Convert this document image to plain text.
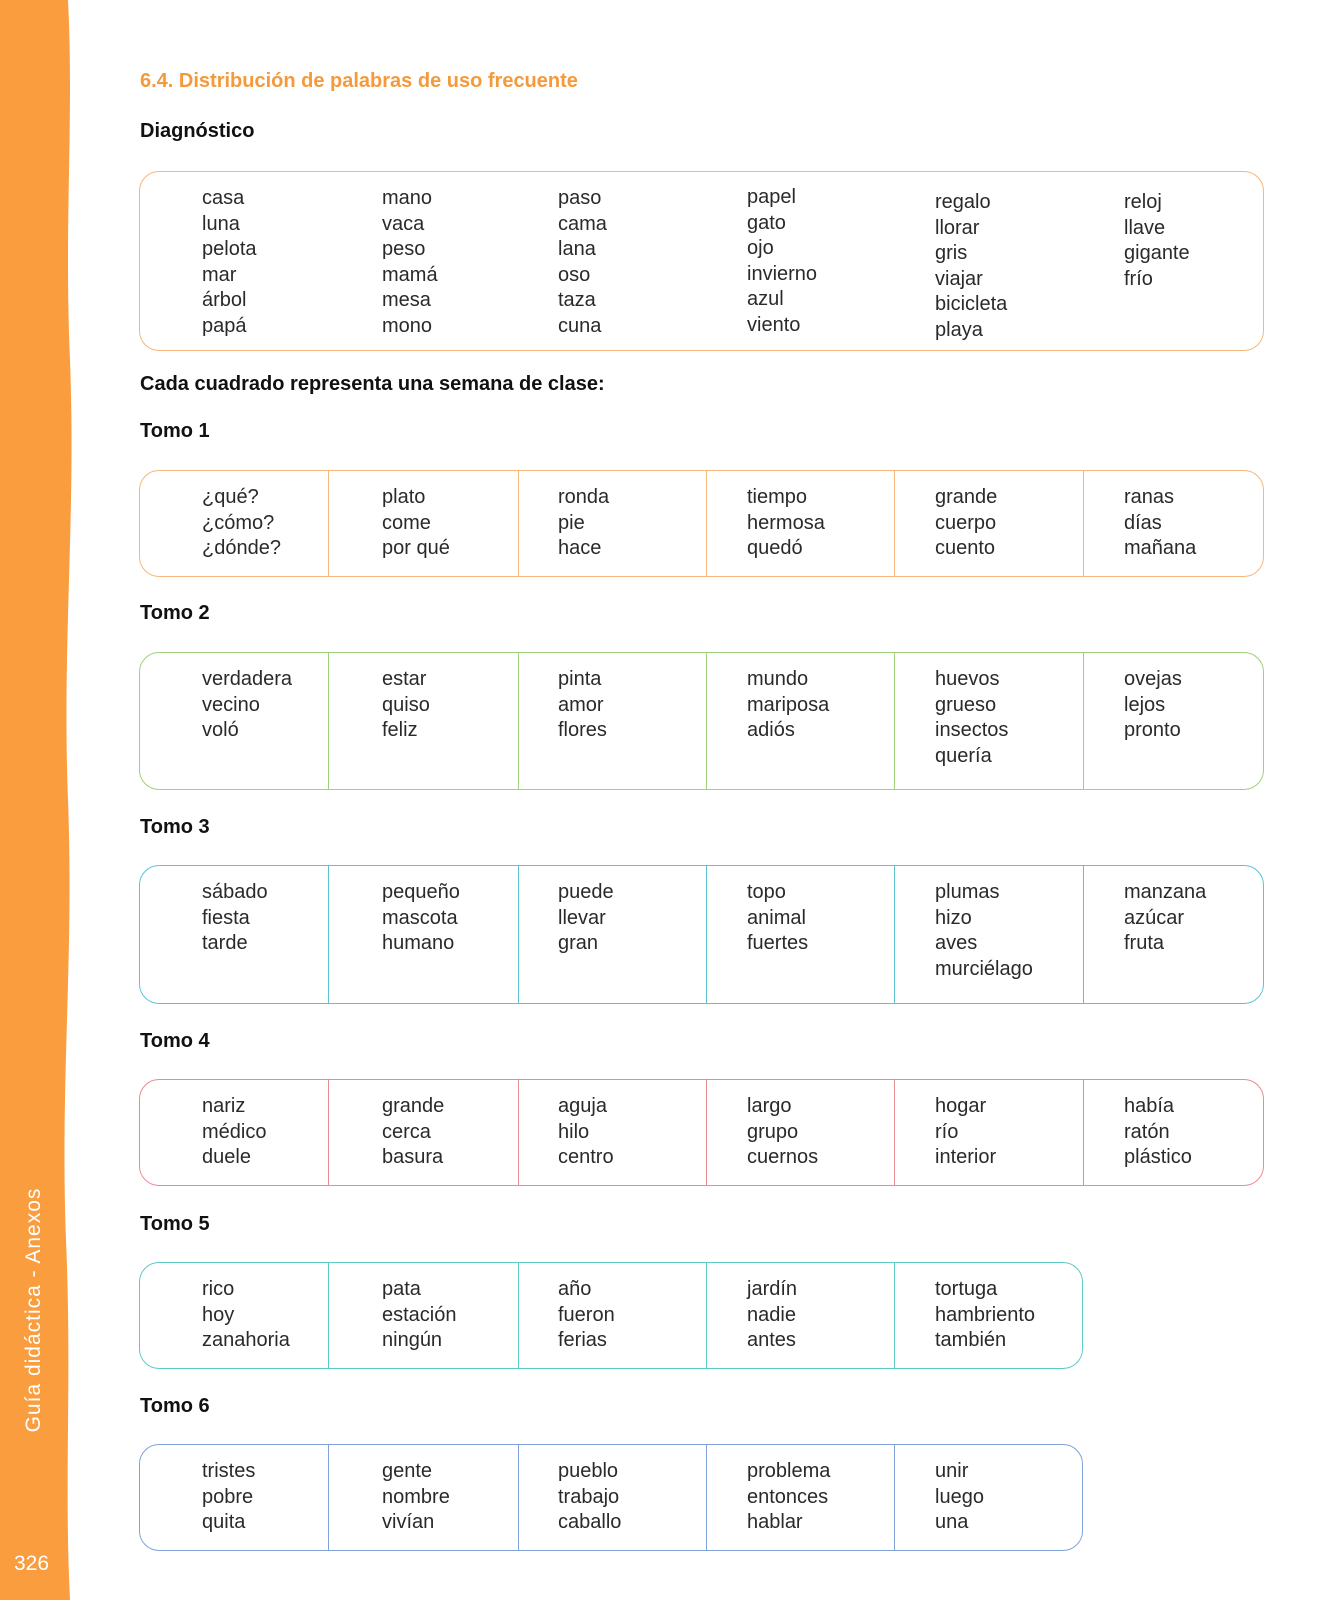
Guía didáctica - Anexos
326
6.4. Distribución de palabras de uso frecuente
Diagnóstico
casa
luna
pelota
mar
árbol
papá
mano
vaca
peso
mamá
mesa
mono
paso
cama
lana
oso
taza
cuna
papel
gato
ojo
invierno
azul
viento
regalo
llorar
gris
viajar
bicicleta
playa
reloj
llave
gigante
frío
Cada cuadrado representa una semana de clase:
Tomo 1
¿qué?
¿cómo?
¿dónde?
plato
come
por qué
ronda
pie
hace
tiempo
hermosa
quedó
grande
cuerpo
cuento
ranas
días
mañana
Tomo 2
verdadera
vecino
voló
estar
quiso
feliz
pinta
amor
flores
mundo
mariposa
adiós
huevos
grueso
insectos
quería
ovejas
lejos
pronto
Tomo 3
sábado
fiesta
tarde
pequeño
mascota
humano
puede
llevar
gran
topo
animal
fuertes
plumas
hizo
aves
murciélago
manzana
azúcar
fruta
Tomo 4
nariz
médico
duele
grande
cerca
basura
aguja
hilo
centro
largo
grupo
cuernos
hogar
río
interior
había
ratón
plástico
Tomo 5
rico
hoy
zanahoria
pata
estación
ningún
año
fueron
ferias
jardín
nadie
antes
tortuga
hambriento
también
Tomo 6
tristes
pobre
quita
gente
nombre
vivían
pueblo
trabajo
caballo
problema
entonces
hablar
unir
luego
una
